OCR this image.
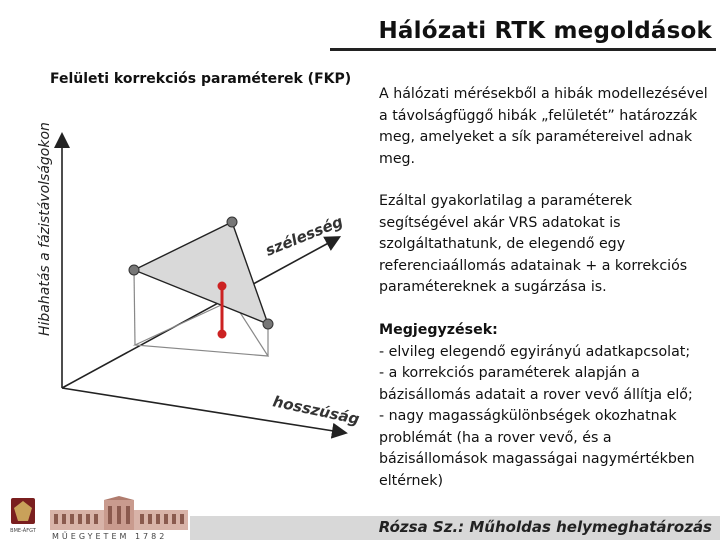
Hálózati RTK megoldások
Felületi korrekciós paraméterek (FKP)
Hibahatás a fázistávolságokon	szélesség
hosszúság
A hálózati mérésekből a hibák modellezésével a távolságfüggő hibák „felületét” határozzák meg, amelyeket a sík paramétereivel adnak meg.
Ezáltal gyakorlatilag a paraméterek segítségével akár VRS adatokat is szolgáltathatunk, de elegendő egy referenciaállomás adatainak + a korrekciós paramétereknek a sugárzása is.
Megjegyzések:
- elvileg elegendő egyirányú adatkapcsolat;
- a korrekciós paraméterek alapján a bázisállomás adatait a rover vevő állítja elő;
- nagy magasságkülönbségek okozhatnak problémát (ha a rover vevő, és a bázisállomások magasságai nagymértékben eltérnek)
BME-ÁFGT
MŰEGYETEM 1782
Rózsa Sz.: Műholdas helymeghatározás
